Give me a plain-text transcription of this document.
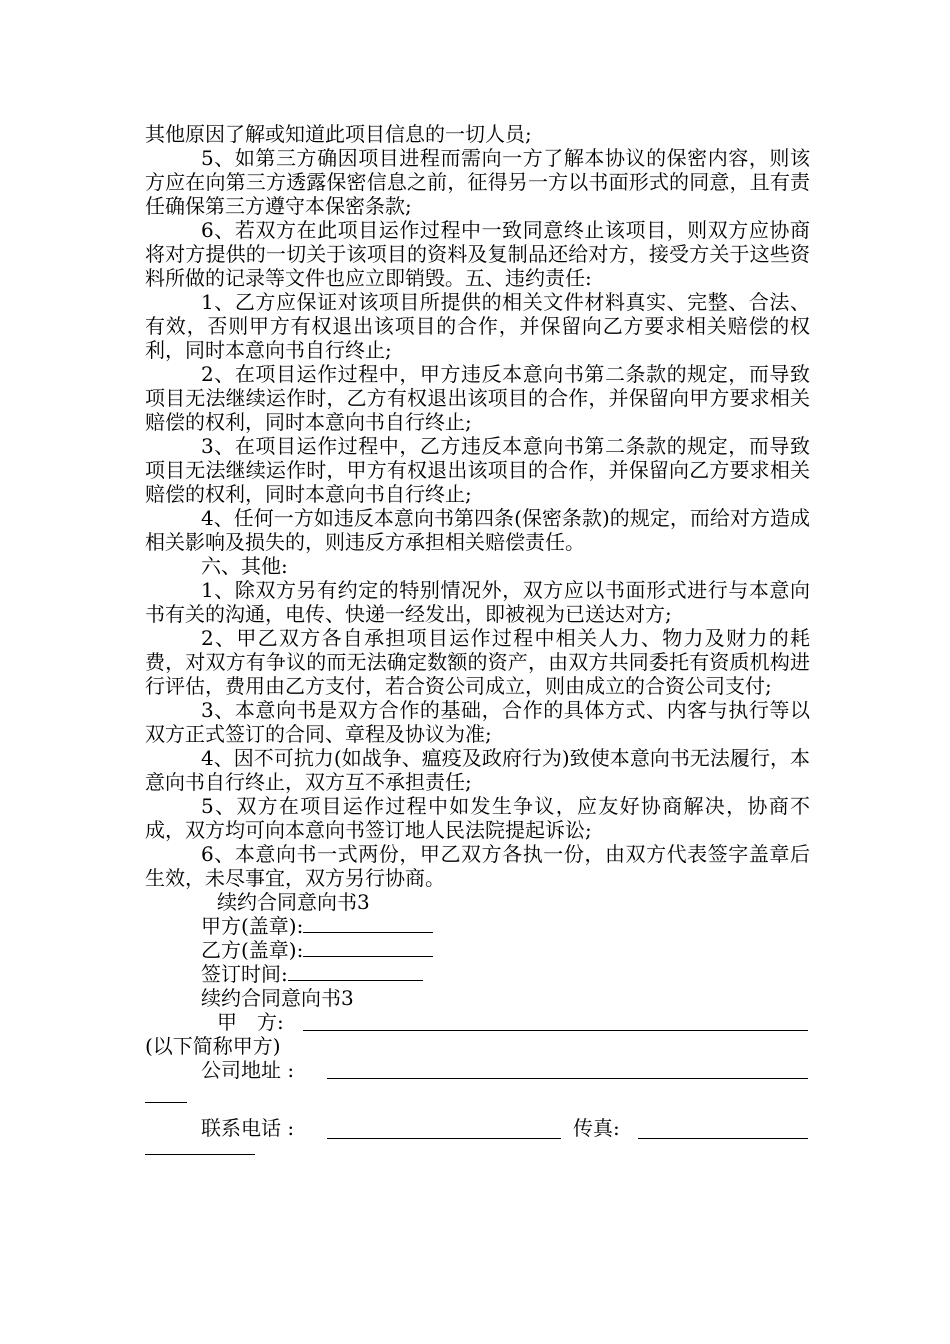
其他原因了解或知道此项目信息的一切人员;

5、如第三方确因项目进程而需向一方了解本协议的保密内容，则该方应在向第三方透露保密信息之前，征得另一方以书面形式的同意，且有责任确保第三方遵守本保密条款;

6、若双方在此项目运作过程中一致同意终止该项目，则双方应协商将对方提供的一切关于该项目的资料及复制品还给对方，接受方关于这些资料所做的记录等文件也应立即销毁。五、违约责任:

1、乙方应保证对该项目所提供的相关文件材料真实、完整、合法、有效，否则甲方有权退出该项目的合作，并保留向乙方要求相关赔偿的权利，同时本意向书自行终止;

2、在项目运作过程中，甲方违反本意向书第二条款的规定，而导致项目无法继续运作时，乙方有权退出该项目的合作，并保留向甲方要求相关赔偿的权利，同时本意向书自行终止;

3、在项目运作过程中，乙方违反本意向书第二条款的规定，而导致项目无法继续运作时，甲方有权退出该项目的合作，并保留向乙方要求相关赔偿的权利，同时本意向书自行终止;

4、任何一方如违反本意向书第四条(保密条款)的规定，而给对方造成相关影响及损失的，则违反方承担相关赔偿责任。

六、其他:

1、除双方另有约定的特别情况外，双方应以书面形式进行与本意向书有关的沟通，电传、快递一经发出，即被视为已送达对方;

2、甲乙双方各自承担项目运作过程中相关人力、物力及财力的耗费，对双方有争议的而无法确定数额的资产，由双方共同委托有资质机构进行评估，费用由乙方支付，若合资公司成立，则由成立的合资公司支付;

3、本意向书是双方合作的基础，合作的具体方式、内客与执行等以双方正式签订的合同、章程及协议为准;

4、因不可抗力(如战争、瘟疫及政府行为)致使本意向书无法履行，本意向书自行终止，双方互不承担责任;

5、双方在项目运作过程中如发生争议，应友好协商解决，协商不成，双方均可向本意向书签订地人民法院提起诉讼;

6、本意向书一式两份，甲乙双方各执一份，由双方代表签字盖章后生效，未尽事宜，双方另行协商。

续约合同意向书3

甲方(盖章):
乙方(盖章):
签订时间:

续约合同意向书3

甲　方:
(以下简称甲方)
公司地址 :
联系电话 :	传真:
